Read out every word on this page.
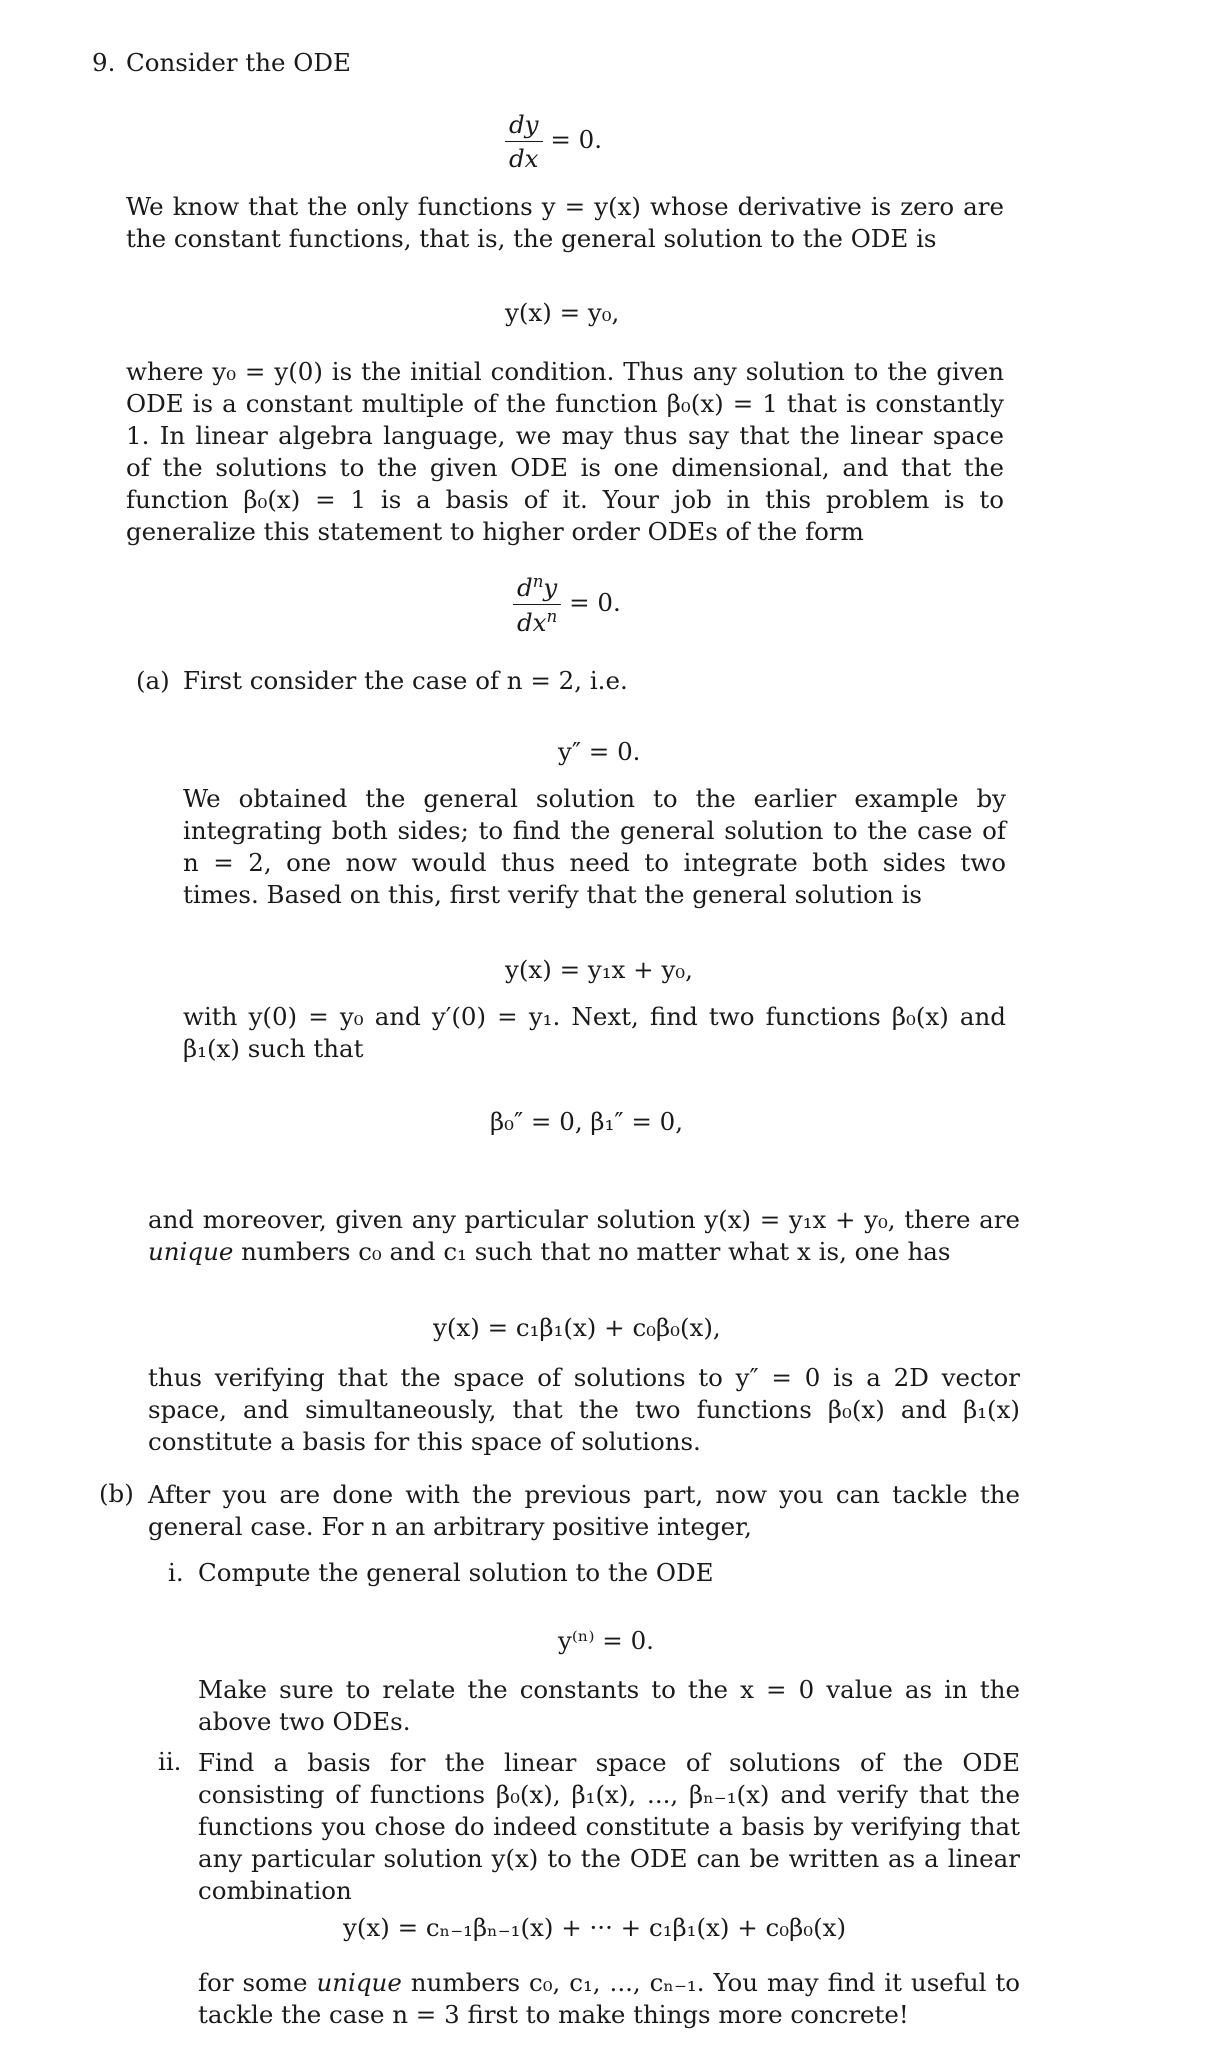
9. Consider the ODE
$\frac{dy}{dx} = 0$.
We know that the only functions y = y(x) whose derivative is zero are the constant functions, that is, the general solution to the ODE is
y(x) = y₀,
where y₀ = y(0) is the initial condition. Thus any solution to the given ODE is a constant multiple of the function β₀(x) = 1 that is constantly 1. In linear algebra language, we may thus say that the linear space of the solutions to the given ODE is one dimensional, and that the function β₀(x) = 1 is a basis of it. Your job in this problem is to generalize this statement to higher order ODEs of the form
$\frac{d^ny}{dx^n} = 0$.
(a) First consider the case of n = 2, i.e.
y″ = 0.
We obtained the general solution to the earlier example by integrating both sides; to find the general solution to the case of n = 2, one now would thus need to integrate both sides two times. Based on this, first verify that the general solution is
y(x) = y₁x + y₀,
with y(0) = y₀ and y′(0) = y₁. Next, find two functions β₀(x) and β₁(x) such that
β₀″ = 0, β₁″ = 0,
and moreover, given any particular solution y(x) = y₁x + y₀, there are unique numbers c₀ and c₁ such that no matter what x is, one has
y(x) = c₁β₁(x) + c₀β₀(x),
thus verifying that the space of solutions to y″ = 0 is a 2D vector space, and simultaneously, that the two functions β₀(x) and β₁(x) constitute a basis for this space of solutions.
(b) After you are done with the previous part, now you can tackle the general case. For n an arbitrary positive integer,
i. Compute the general solution to the ODE
y⁽ⁿ⁾ = 0.
Make sure to relate the constants to the x = 0 value as in the above two ODEs.
ii. Find a basis for the linear space of solutions of the ODE consisting of functions β₀(x), β₁(x), ..., βₙ₋₁(x) and verify that the functions you chose do indeed constitute a basis by verifying that any particular solution y(x) to the ODE can be written as a linear combination
y(x) = cₙ₋₁βₙ₋₁(x) + ··· + c₁β₁(x) + c₀β₀(x)
for some unique numbers c₀, c₁, ..., cₙ₋₁. You may find it useful to tackle the case n = 3 first to make things more concrete!
